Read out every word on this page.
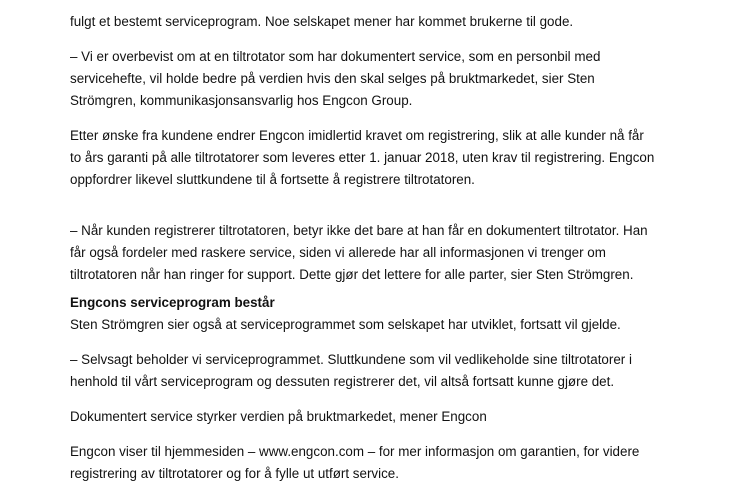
fulgt et bestemt serviceprogram. Noe selskapet mener har kommet brukerne til gode.

– Vi er overbevist om at en tiltrotator som har dokumentert service, som en personbil med
servicehefte, vil holde bedre på verdien hvis den skal selges på bruktmarkedet, sier Sten
Strömgren, kommunikasjonsansvarlig hos Engcon Group.

Etter ønske fra kundene endrer Engcon imidlertid kravet om registrering, slik at alle kunder nå får
to års garanti på alle tiltrotatorer som leveres etter 1. januar 2018, uten krav til registrering. Engcon
oppfordrer likevel sluttkundene til å fortsette å registrere tiltrotatoren.

– Når kunden registrerer tiltrotatoren, betyr ikke det bare at han får en dokumentert tiltrotator. Han
får også fordeler med raskere service, siden vi allerede har all informasjonen vi trenger om
tiltrotatoren når han ringer for support. Dette gjør det lettere for alle parter, sier Sten Strömgren.

Engcons serviceprogram består

Sten Strömgren sier også at serviceprogrammet som selskapet har utviklet, fortsatt vil gjelde.

– Selvsagt beholder vi serviceprogrammet. Sluttkundene som vil vedlikeholde sine tiltrotatorer i
henhold til vårt serviceprogram og dessuten registrerer det, vil altså fortsatt kunne gjøre det.

Dokumentert service styrker verdien på bruktmarkedet, mener Engcon

Engcon viser til hjemmesiden – www.engcon.com – for mer informasjon om garantien, for videre
registrering av tiltrotatorer og for å fylle ut utført service.
